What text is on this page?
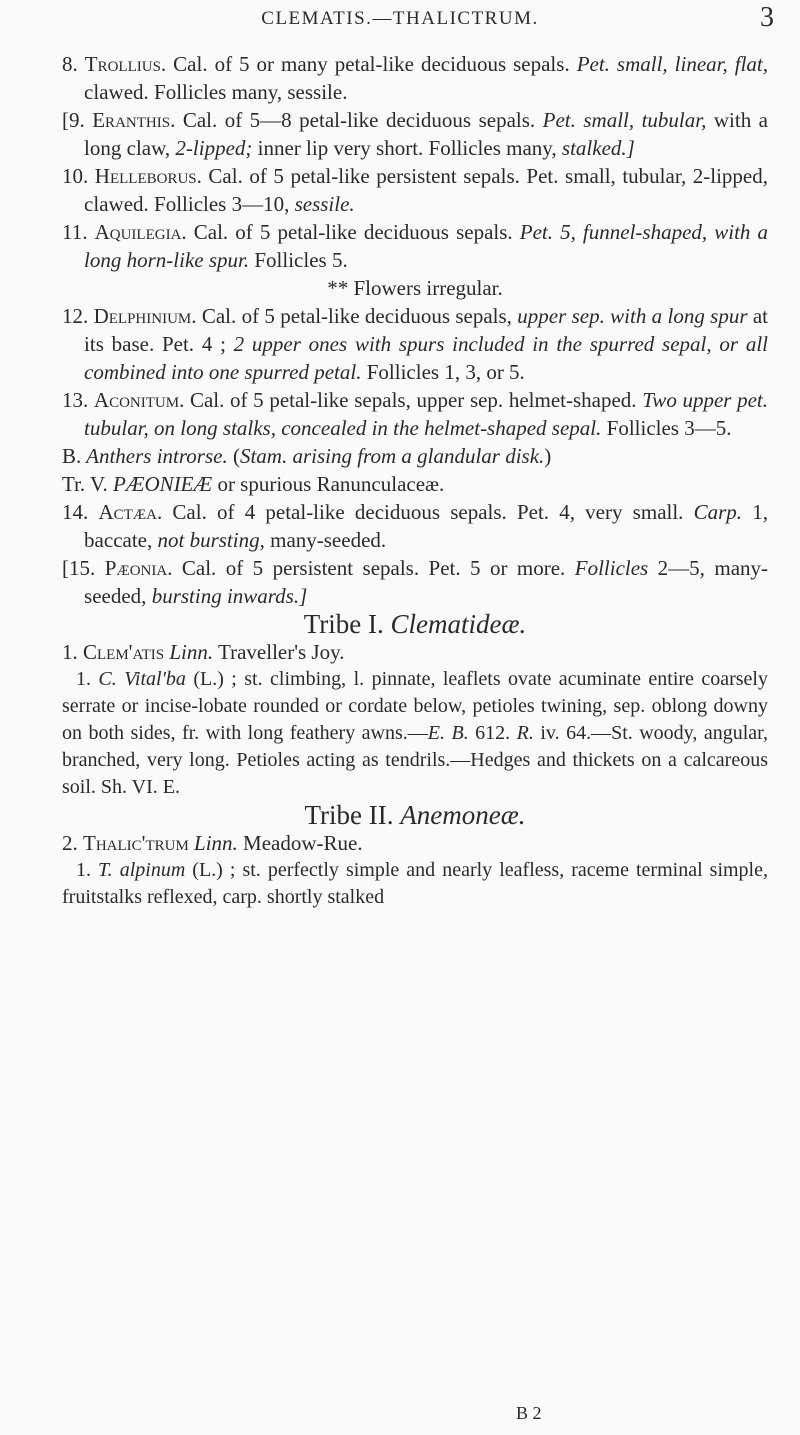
CLEMATIS.—THALICTRUM.	3

8. Trollius. Cal. of 5 or many petal-like deciduous sepals. Pet. small, linear, flat, clawed. Follicles many, sessile.

[9. Eranthis. Cal. of 5—8 petal-like deciduous sepals. Pet. small, tubular, with a long claw, 2-lipped; inner lip very short. Follicles many, stalked.]

10. Helleborus. Cal. of 5 petal-like persistent sepals. Pet. small, tubular, 2-lipped, clawed. Follicles 3—10, sessile.

11. Aquilegia. Cal. of 5 petal-like deciduous sepals. Pet. 5, funnel-shaped, with a long horn-like spur. Follicles 5.

** Flowers irregular.

12. Delphinium. Cal. of 5 petal-like deciduous sepals, upper sep. with a long spur at its base. Pet. 4 ; 2 upper ones with spurs included in the spurred sepal, or all combined into one spurred petal. Follicles 1, 3, or 5.

13. Aconitum. Cal. of 5 petal-like sepals, upper sep. helmet-shaped. Two upper pet. tubular, on long stalks, concealed in the helmet-shaped sepal. Follicles 3—5.

B. Anthers introrse. (Stam. arising from a glandular disk.)

Tr. V. PÆONIEÆ or spurious Ranunculaceæ.

14. Actæa. Cal. of 4 petal-like deciduous sepals. Pet. 4, very small. Carp. 1, baccate, not bursting, many-seeded.

[15. Pæonia. Cal. of 5 persistent sepals. Pet. 5 or more. Follicles 2—5, many-seeded, bursting inwards.]

Tribe I. Clematideæ.

1. Clem'atis Linn. Traveller's Joy.

1. C. Vital'ba (L.) ; st. climbing, l. pinnate, leaflets ovate acuminate entire coarsely serrate or incise-lobate rounded or cordate below, petioles twining, sep. oblong downy on both sides, fr. with long feathery awns.—E. B. 612. R. iv. 64.—St. woody, angular, branched, very long. Petioles acting as tendrils.—Hedges and thickets on a calcareous soil. Sh. VI. E.

Tribe II. Anemoneæ.

2. Thalic'trum Linn. Meadow-Rue.

1. T. alpinum (L.) ; st. perfectly simple and nearly leafless, raceme terminal simple, fruitstalks reflexed, carp. shortly stalked

B 2
